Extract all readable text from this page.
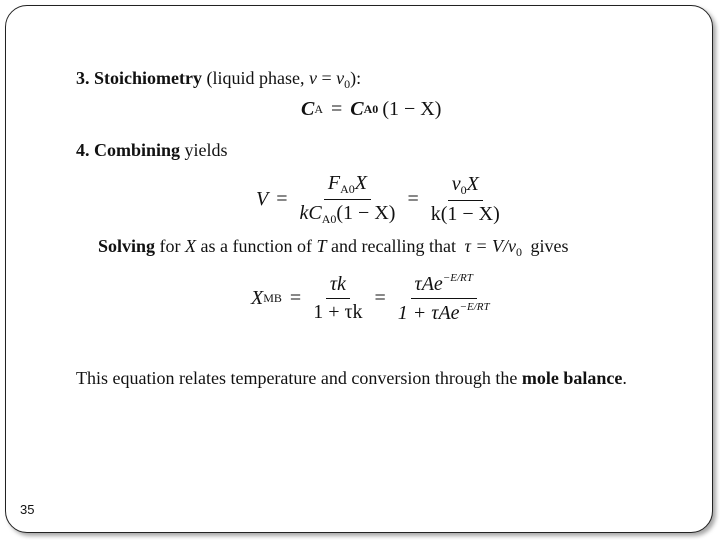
3. Stoichiometry (liquid phase, $v = v_0$):
C A = C A0 (1 − X)
4. Combining yields
$V = \frac{F_{A0}X}{kC_{A0}(1 - X)} = \frac{v_0X}{k(1 - X)}$
Solving for X as a function of T and recalling that $\tau = V/v_0$ gives
X MB = $\frac{\tau k}{1 + \tau k} = \frac{\tau Ae^{-E/RT}}{1 + \tau Ae^{-E/RT}}$
This equation relates temperature and conversion through the mole balance.
35
